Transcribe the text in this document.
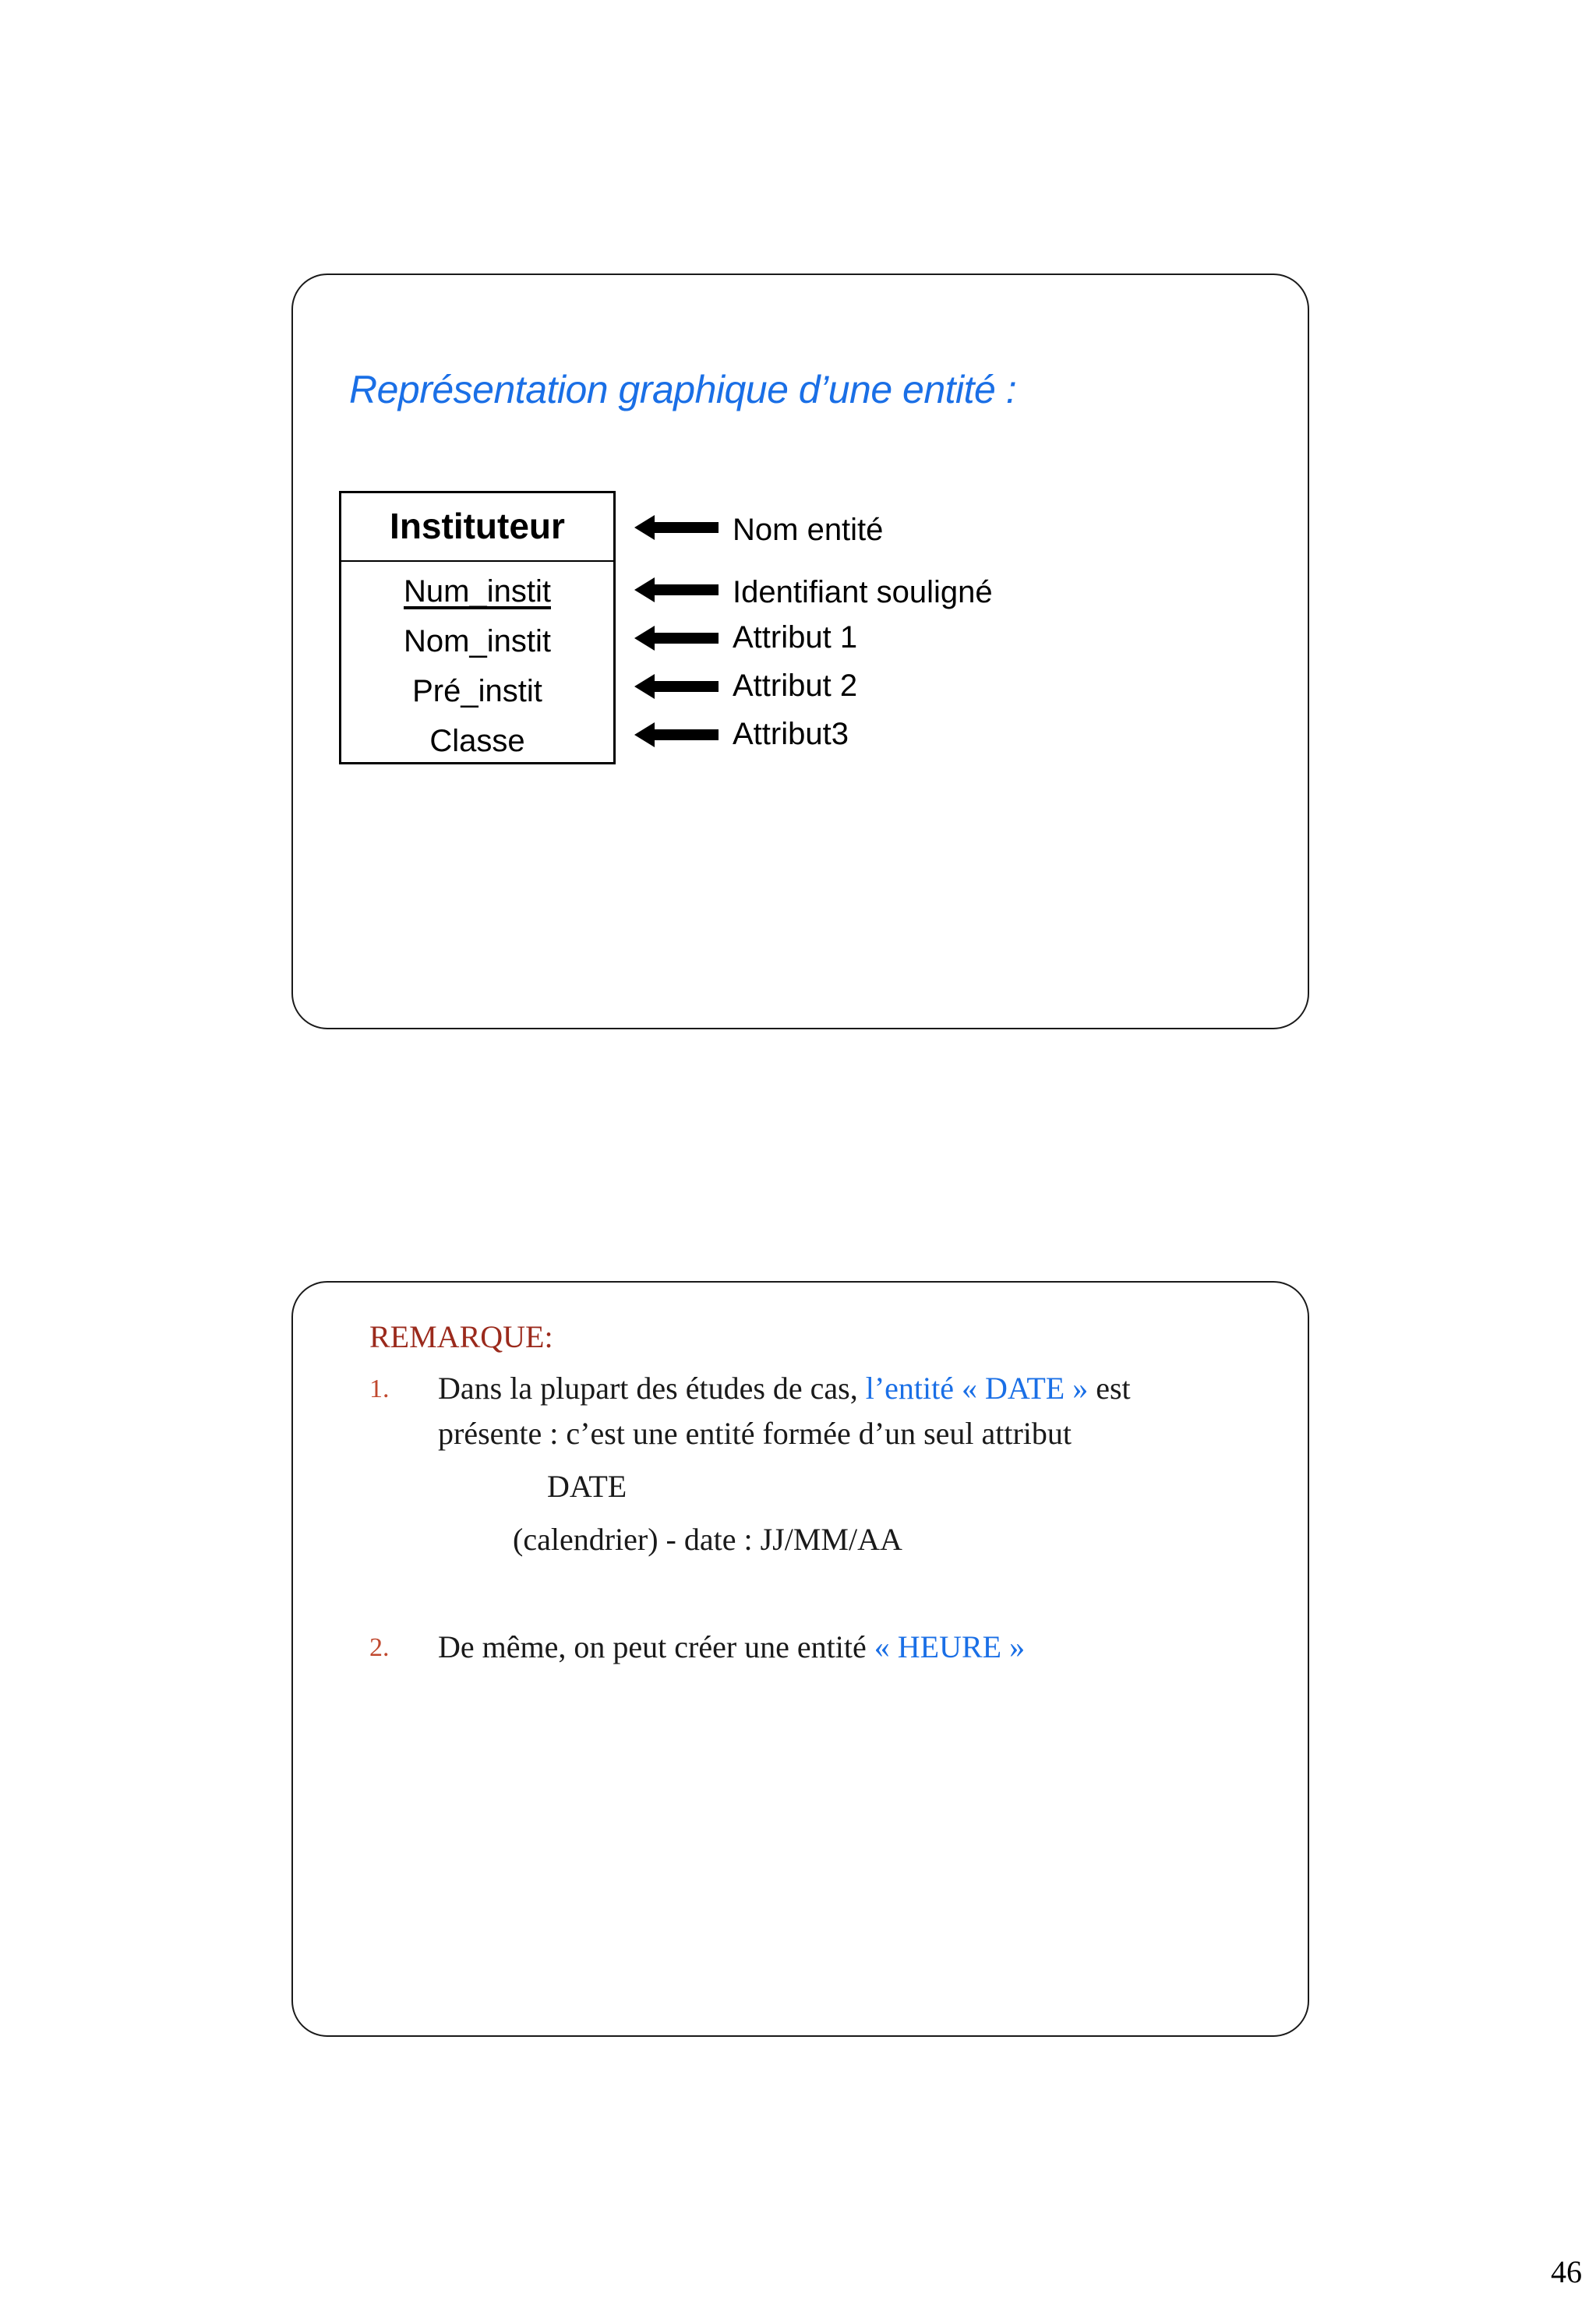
Représentation graphique d’une entité :
Instituteur
Num_instit
Nom_instit
Pré_instit
Classe
Nom entité
Identifiant souligné
Attribut 1
Attribut 2
Attribut3
REMARQUE:
1. Dans la plupart des études de cas, l’entité « DATE » est
présente : c’est une entité formée d’un seul attribut
DATE
(calendrier) - date : JJ/MM/AA
2. De même, on peut créer une entité « HEURE »
46
